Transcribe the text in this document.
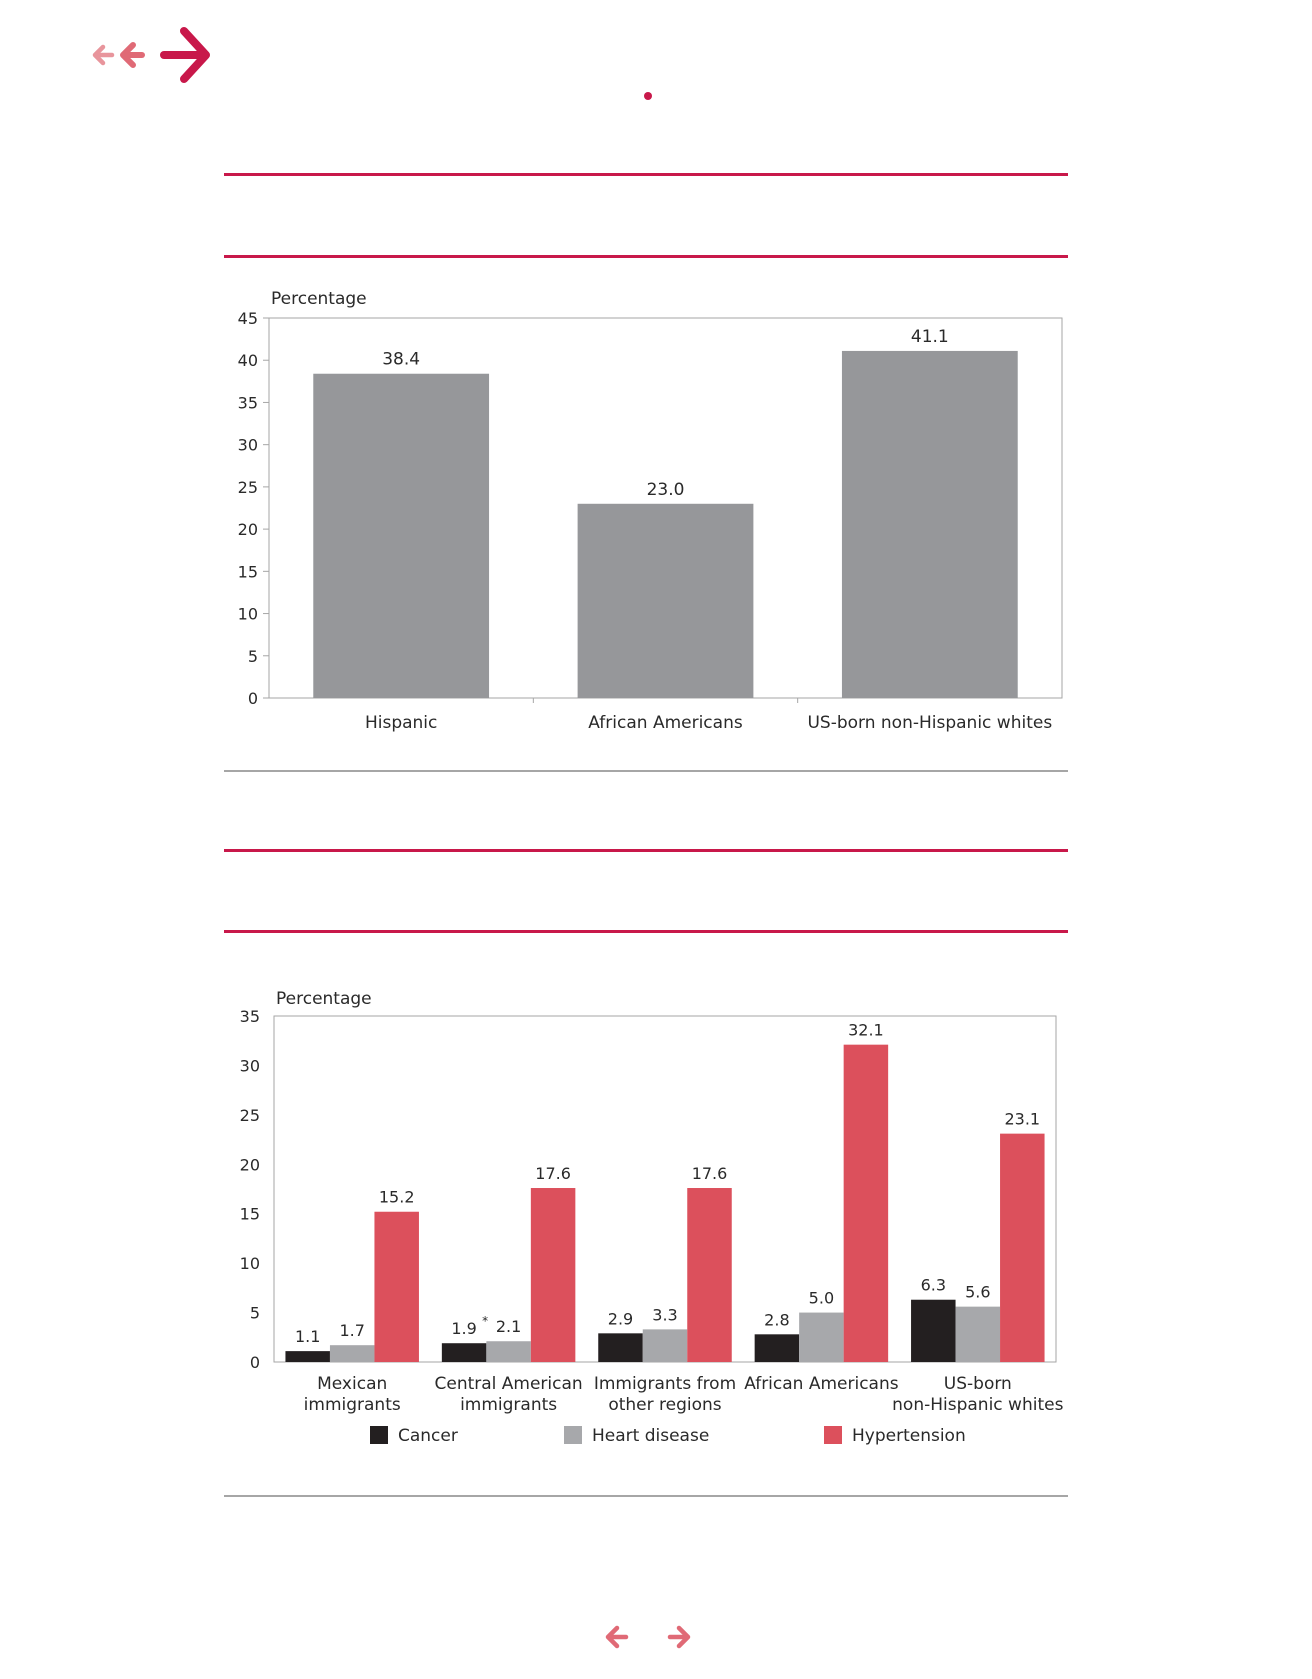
Percentage
0
5
10
15
20
25
30
35
40
45
38.4
Hispanic
23.0
African Americans
41.1
US-born non-Hispanic whites
Percentage
0
5
10
15
20
25
30
35
1.1 1.7
15.2
Mexican
immigrants
1.9 2.1
17.6
Central American
immigrants
2.9 3.3
17.6
Immigrants from
other regions
2.8
5.0
32.1
African Americans
6.3 5.6
23.1
US-born
non-Hispanic whites
*
Cancer	Heart disease	Hypertension
